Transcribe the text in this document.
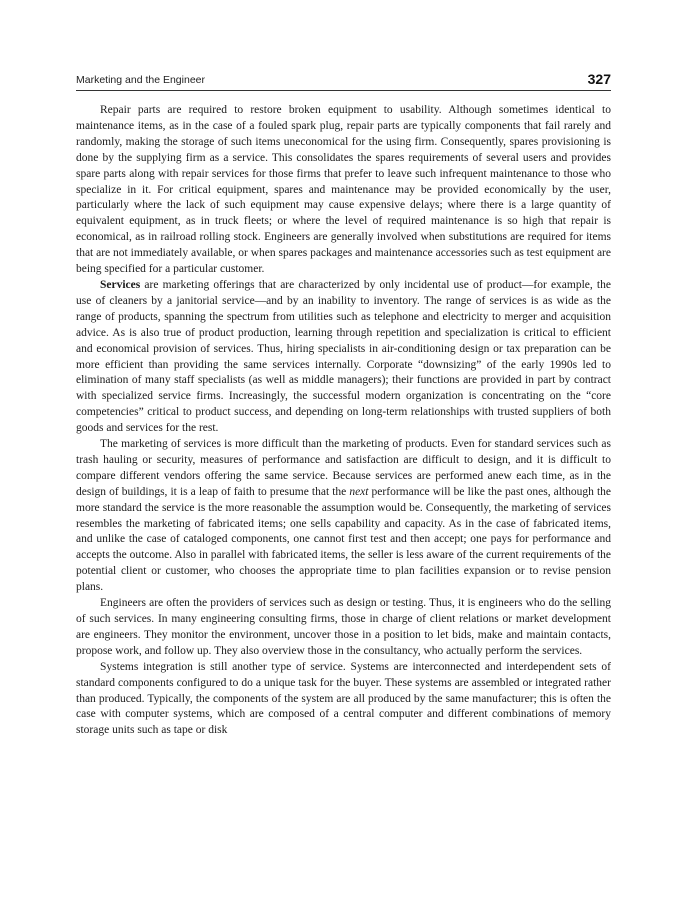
Marketing and the Engineer	327

Repair parts are required to restore broken equipment to usability. Although sometimes identical to maintenance items, as in the case of a fouled spark plug, repair parts are typically components that fail rarely and randomly, making the storage of such items uneconomical for the using firm. Consequently, spares provisioning is done by the supplying firm as a service. This consolidates the spares requirements of several users and provides spare parts along with repair services for those firms that prefer to leave such infrequent maintenance to those who specialize in it. For critical equipment, spares and maintenance may be provided economically by the user, particularly where the lack of such equipment may cause expensive delays; where there is a large quantity of equivalent equipment, as in truck fleets; or where the level of required maintenance is so high that repair is economical, as in railroad rolling stock. Engineers are generally involved when substitutions are required for items that are not immediately available, or when spares packages and maintenance accessories such as test equipment are being specified for a particular customer.

Services are marketing offerings that are characterized by only incidental use of product—for example, the use of cleaners by a janitorial service—and by an inability to inventory. The range of services is as wide as the range of products, spanning the spectrum from utilities such as telephone and electricity to merger and acquisition advice. As is also true of product production, learning through repetition and specialization is critical to efficient and economical provision of services. Thus, hiring specialists in air-conditioning design or tax preparation can be more efficient than providing the same services internally. Corporate “downsizing” of the early 1990s led to elimination of many staff specialists (as well as middle managers); their functions are provided in part by contract with specialized service firms. Increasingly, the successful modern organization is concentrating on the “core competencies” critical to product success, and depending on long-term relationships with trusted suppliers of both goods and services for the rest.

The marketing of services is more difficult than the marketing of products. Even for standard services such as trash hauling or security, measures of performance and satisfaction are difficult to design, and it is difficult to compare different vendors offering the same service. Because services are performed anew each time, as in the design of buildings, it is a leap of faith to presume that the next performance will be like the past ones, although the more standard the service is the more reasonable the assumption would be. Consequently, the marketing of services resembles the marketing of fabricated items; one sells capability and capacity. As in the case of fabricated items, and unlike the case of cataloged components, one cannot first test and then accept; one pays for performance and accepts the outcome. Also in parallel with fabricated items, the seller is less aware of the current requirements of the potential client or customer, who chooses the appropriate time to plan facilities expansion or to revise pension plans.

Engineers are often the providers of services such as design or testing. Thus, it is engineers who do the selling of such services. In many engineering consulting firms, those in charge of client relations or market development are engineers. They monitor the environment, uncover those in a position to let bids, make and maintain contacts, propose work, and follow up. They also overview those in the consultancy, who actually perform the services.

Systems integration is still another type of service. Systems are interconnected and interdependent sets of standard components configured to do a unique task for the buyer. These systems are assembled or integrated rather than produced. Typically, the components of the system are all produced by the same manufacturer; this is often the case with computer systems, which are composed of a central computer and different combinations of memory storage units such as tape or disk
